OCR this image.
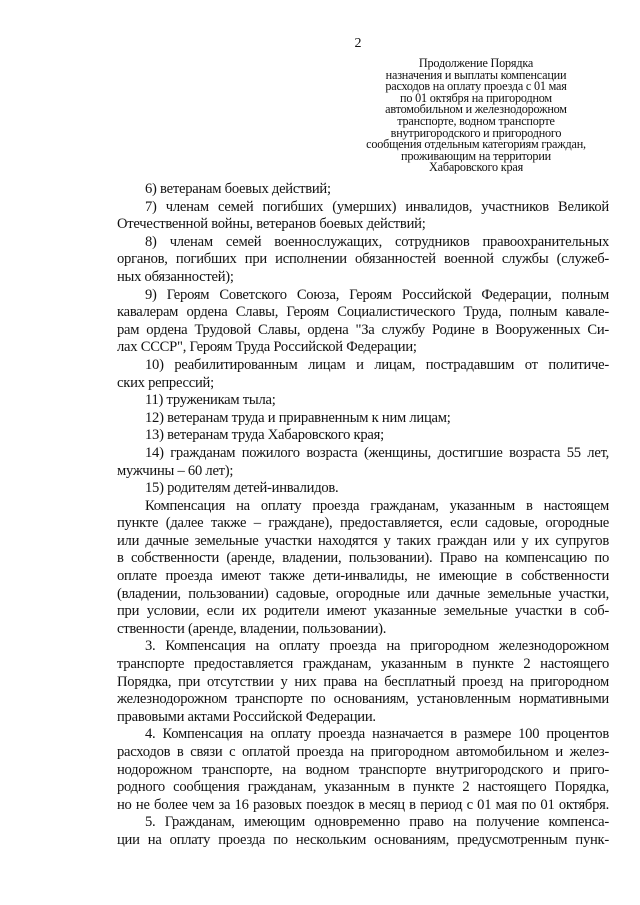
2
Продолжение Порядка
назначения и выплаты компенсации
расходов на оплату проезда с 01 мая
по 01 октября на пригородном
автомобильном и железнодорожном
транспорте, водном транспорте
внутригородского и пригородного
сообщения отдельным категориям граждан,
проживающим на территории
Хабаровского края
6) ветеранам боевых действий;
7) членам семей погибших (умерших) инвалидов, участников Великой
Отечественной войны, ветеранов боевых действий;
8) членам семей военнослужащих, сотрудников правоохранительных
органов, погибших при исполнении обязанностей военной службы (служеб-
ных обязанностей);
9) Героям Советского Союза, Героям Российской Федерации, полным
кавалерам ордена Славы, Героям Социалистического Труда, полным кавале-
рам ордена Трудовой Славы, ордена "За службу Родине в Вооруженных Си-
лах СССР", Героям Труда Российской Федерации;
10) реабилитированным лицам и лицам, пострадавшим от политиче-
ских репрессий;
11) труженикам тыла;
12) ветеранам труда и приравненным к ним лицам;
13) ветеранам труда Хабаровского края;
14) гражданам пожилого возраста (женщины, достигшие возраста 55 лет,
мужчины – 60 лет);
15) родителям детей-инвалидов.
Компенсация на оплату проезда гражданам, указанным в настоящем
пункте (далее также – граждане), предоставляется, если садовые, огородные
или дачные земельные участки находятся у таких граждан или у их супругов
в собственности (аренде, владении, пользовании). Право на компенсацию по
оплате проезда имеют также дети-инвалиды, не имеющие в собственности
(владении, пользовании) садовые, огородные или дачные земельные участки,
при условии, если их родители имеют указанные земельные участки в соб-
ственности (аренде, владении, пользовании).
3. Компенсация на оплату проезда на пригородном железнодорожном
транспорте предоставляется гражданам, указанным в пункте 2 настоящего
Порядка, при отсутствии у них права на бесплатный проезд на пригородном
железнодорожном транспорте по основаниям, установленным нормативными
правовыми актами Российской Федерации.
4. Компенсация на оплату проезда назначается в размере 100 процентов
расходов в связи с оплатой проезда на пригородном автомобильном и желез-
нодорожном транспорте, на водном транспорте внутригородского и приго-
родного сообщения гражданам, указанным в пункте 2 настоящего Порядка,
но не более чем за 16 разовых поездок в месяц в период с 01 мая по 01 октября.
5. Гражданам, имеющим одновременно право на получение компенса-
ции на оплату проезда по нескольким основаниям, предусмотренным пунк-
